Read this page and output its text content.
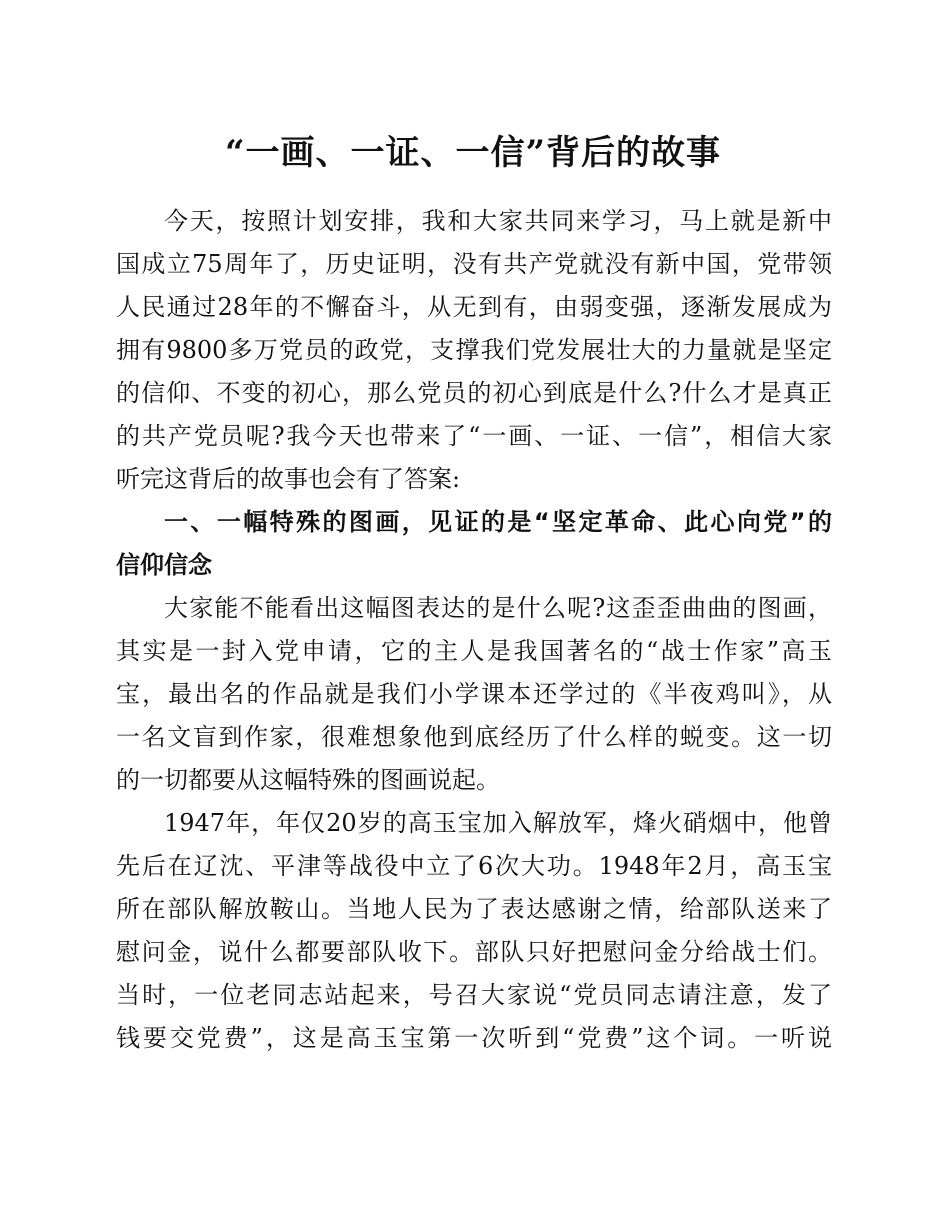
“一画、一证、一信”背后的故事
今天，按照计划安排，我和大家共同来学习，马上就是新中
国成立75周年了，历史证明，没有共产党就没有新中国，党带领
人民通过28年的不懈奋斗，从无到有，由弱变强，逐渐发展成为
拥有9800多万党员的政党，支撑我们党发展壮大的力量就是坚定
的信仰、不变的初心，那么党员的初心到底是什么?什么才是真正
的共产党员呢?我今天也带来了“一画、一证、一信”，相信大家
听完这背后的故事也会有了答案:
一、一幅特殊的图画，见证的是“坚定革命、此心向党”的
信仰信念
大家能不能看出这幅图表达的是什么呢?这歪歪曲曲的图画，
其实是一封入党申请，它的主人是我国著名的“战士作家”高玉
宝，最出名的作品就是我们小学课本还学过的《半夜鸡叫》，从
一名文盲到作家，很难想象他到底经历了什么样的蜕变。这一切
的一切都要从这幅特殊的图画说起。
1947年，年仅20岁的高玉宝加入解放军，烽火硝烟中，他曾
先后在辽沈、平津等战役中立了6次大功。1948年2月，高玉宝
所在部队解放鞍山。当地人民为了表达感谢之情，给部队送来了
慰问金，说什么都要部队收下。部队只好把慰问金分给战士们。
当时，一位老同志站起来，号召大家说“党员同志请注意，发了
钱要交党费”，这是高玉宝第一次听到“党费”这个词。一听说
